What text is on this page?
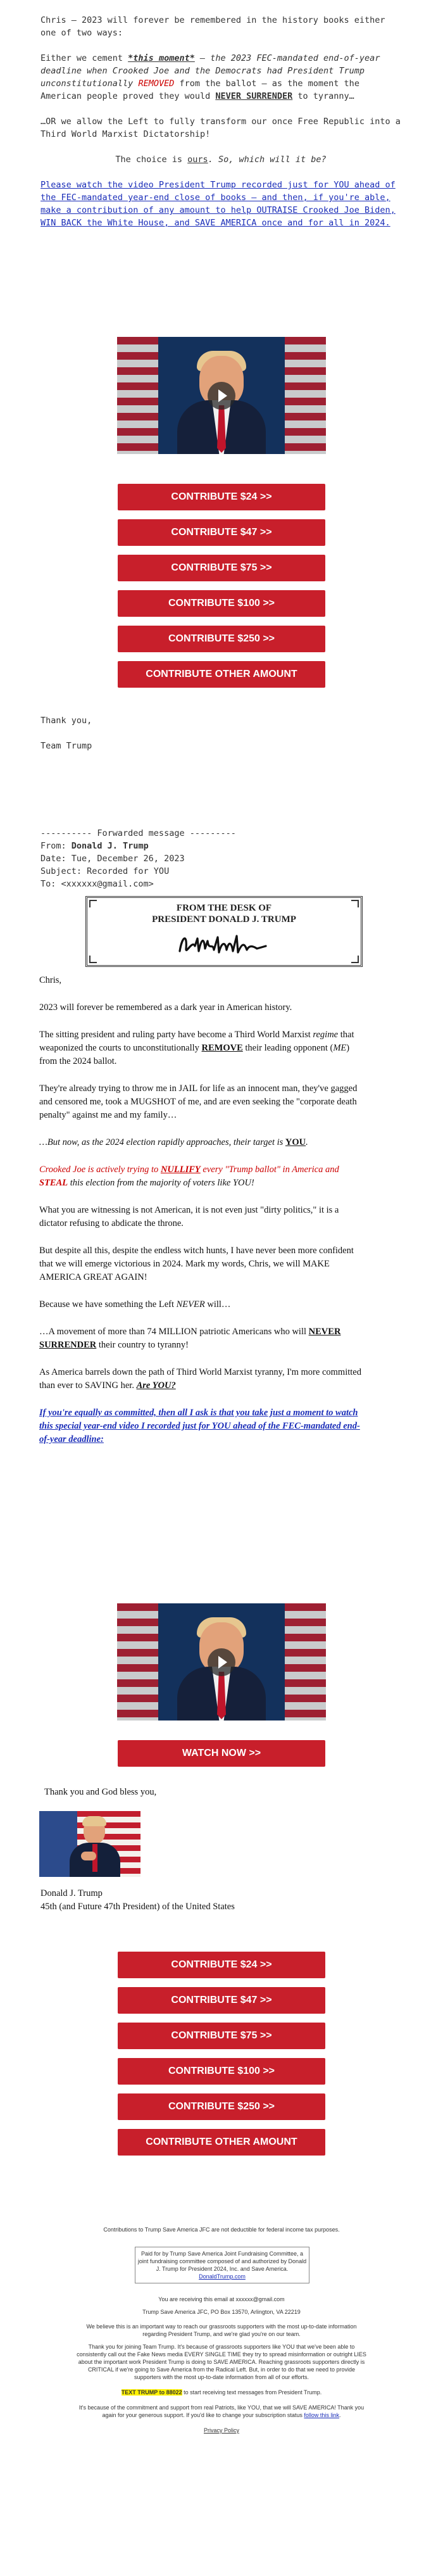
Chris – 2023 will forever be remembered in the history books either one of two ways:

Either we cement *this moment* – the 2023 FEC-mandated end-of-year deadline when Crooked Joe and the Democrats had President Trump unconstitutionally REMOVED from the ballot – as the moment the American people proved they would NEVER SURRENDER to tyranny…

…OR we allow the Left to fully transform our once Free Republic into a Third World Marxist Dictatorship!

The choice is ours. So, which will it be?

Please watch the video President Trump recorded just for YOU ahead of the FEC-mandated year-end close of books – and then, if you're able, make a contribution of any amount to help OUTRAISE Crooked Joe Biden, WIN BACK the White House, and SAVE AMERICA once and for all in 2024.

CONTRIBUTE $24 >>
CONTRIBUTE $47 >>
CONTRIBUTE $75 >>
CONTRIBUTE $100 >>
CONTRIBUTE $250 >>
CONTRIBUTE OTHER AMOUNT

Thank you,

Team Trump

---------- Forwarded message ---------

From: Donald J. Trump

Date: Tue, December 26, 2023

Subject: Recorded for YOU

To: <xxxxxx@gmail.com>

FROM THE DESK OF
PRESIDENT DONALD J. TRUMP

Chris,

2023 will forever be remembered as a dark year in American history.

The sitting president and ruling party have become a Third World Marxist regime that weaponized the courts to unconstitutionally REMOVE their leading opponent (ME) from the 2024 ballot.

They're already trying to throw me in JAIL for life as an innocent man, they've gagged and censored me, took a MUGSHOT of me, and are even seeking the "corporate death penalty" against me and my family…

…But now, as the 2024 election rapidly approaches, their target is YOU.

Crooked Joe is actively trying to NULLIFY every "Trump ballot" in America and STEAL this election from the majority of voters like YOU!

What you are witnessing is not American, it is not even just "dirty politics," it is a dictator refusing to abdicate the throne.

But despite all this, despite the endless witch hunts, I have never been more confident that we will emerge victorious in 2024. Mark my words, Chris, we will MAKE AMERICA GREAT AGAIN!

Because we have something the Left NEVER will…

…A movement of more than 74 MILLION patriotic Americans who will NEVER SURRENDER their country to tyranny!

As America barrels down the path of Third World Marxist tyranny, I'm more committed than ever to SAVING her. Are YOU?

If you're equally as committed, then all I ask is that you take just a moment to watch this special year-end video I recorded just for YOU ahead of the FEC-mandated end-of-year deadline:

WATCH NOW >>

Thank you and God bless you,

Donald J. Trump

45th (and Future 47th President) of the United States

CONTRIBUTE $24 >>
CONTRIBUTE $47 >>
CONTRIBUTE $75 >>
CONTRIBUTE $100 >>
CONTRIBUTE $250 >>
CONTRIBUTE OTHER AMOUNT
Contributions to Trump Save America JFC are not deductible for federal income tax purposes.
Paid for by Trump Save America Joint Fundraising Committee, a joint fundraising committee composed of and authorized by Donald J. Trump for President 2024, Inc. and Save America.
DonaldTrump.com
You are receiving this email at xxxxxx@gmail.com
Trump Save America JFC, PO Box 13570, Arlington, VA 22219
We believe this is an important way to reach our grassroots supporters with the most up-to-date information regarding President Trump, and we're glad you're on our team.
Thank you for joining Team Trump. It's because of grassroots supporters like YOU that we've been able to consistently call out the Fake News media EVERY SINGLE TIME they try to spread misinformation or outright LIES about the important work President Trump is doing to SAVE AMERICA. Reaching grassroots supporters directly is CRITICAL if we're going to Save America from the Radical Left. But, in order to do that we need to provide supporters with the most up-to-date information from all of our efforts.
TEXT TRUMP to 88022 to start receiving text messages from President Trump.
It's because of the commitment and support from real Patriots, like YOU, that we will SAVE AMERICA! Thank you again for your generous support. If you'd like to change your subscription status follow this link.
Privacy Policy
